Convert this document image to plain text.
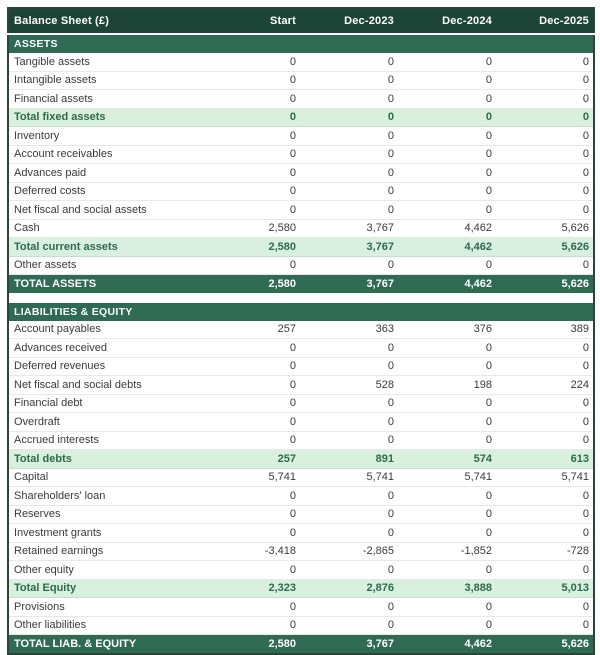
Balance Sheet (£)	Start	Dec-2023	Dec-2024	Dec-2025
ASSETS				
Tangible assets	0	0	0	0
Intangible assets	0	0	0	0
Financial assets	0	0	0	0
Total fixed assets	0	0	0	0
Inventory	0	0	0	0
Account receivables	0	0	0	0
Advances paid	0	0	0	0
Deferred costs	0	0	0	0
Net fiscal and social assets	0	0	0	0
Cash	2,580	3,767	4,462	5,626
Total current assets	2,580	3,767	4,462	5,626
Other assets	0	0	0	0
TOTAL ASSETS	2,580	3,767	4,462	5,626

LIABILITIES & EQUITY				
Account payables	257	363	376	389
Advances received	0	0	0	0
Deferred revenues	0	0	0	0
Net fiscal and social debts	0	528	198	224
Financial debt	0	0	0	0
Overdraft	0	0	0	0
Accrued interests	0	0	0	0
Total debts	257	891	574	613
Capital	5,741	5,741	5,741	5,741
Shareholders' loan	0	0	0	0
Reserves	0	0	0	0
Investment grants	0	0	0	0
Retained earnings	-3,418	-2,865	-1,852	-728
Other equity	0	0	0	0
Total Equity	2,323	2,876	3,888	5,013
Provisions	0	0	0	0
Other liabilities	0	0	0	0
TOTAL LIAB. & EQUITY	2,580	3,767	4,462	5,626
